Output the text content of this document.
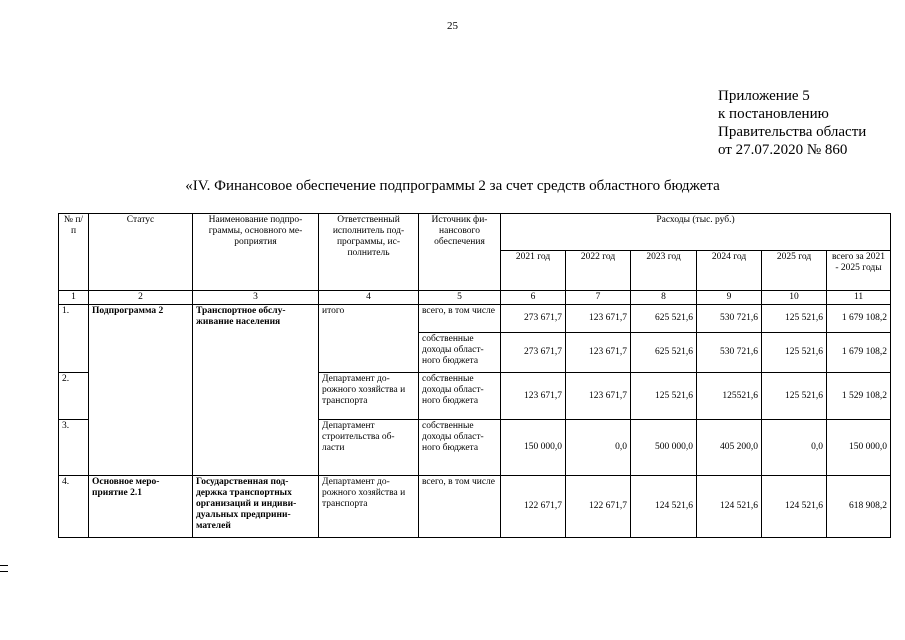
25
Приложение 5
к постановлению
Правительства области
от 27.07.2020 № 860
«IV. Финансовое обеспечение подпрограммы 2 за счет средств областного бюджета
№ п/п	Статус	Наименование подпро-граммы, основного ме-роприятия	Ответственный исполнитель под-программы, ис-полнитель	Источник фи-нансового обеспечения	Расходы (тыс. руб.)					
					2021 год	2022 год	2023 год	2024 год	2025 год	всего за 2021 - 2025 годы
1	2	3	4	5	6	7	8	9	10	11
1.	Подпрограмма 2	Транспортное обслу-живание населения	итого	всего, в том числе	273 671,7	123 671,7	625 521,6	530 721,6	125 521,6	1 679 108,2
				собственные доходы област-ного бюджета	273 671,7	123 671,7	625 521,6	530 721,6	125 521,6	1 679 108,2
2.			Департамент до-рожного хозяйства и транспорта	собственные доходы област-ного бюджета	123 671,7	123 671,7	125 521,6	125521,6	125 521,6	1 529 108,2
3.			Департамент строительства об-ласти	собственные доходы област-ного бюджета	150 000,0	0,0	500 000,0	405 200,0	0,0	150 000,0
4.	Основное меро-приятие 2.1	Государственная под-держка транспортных организаций и индиви-дуальных предприни-мателей	Департамент до-рожного хозяйства и транспорта	всего, в том числе	122 671,7	122 671,7	124 521,6	124 521,6	124 521,6	618 908,2
